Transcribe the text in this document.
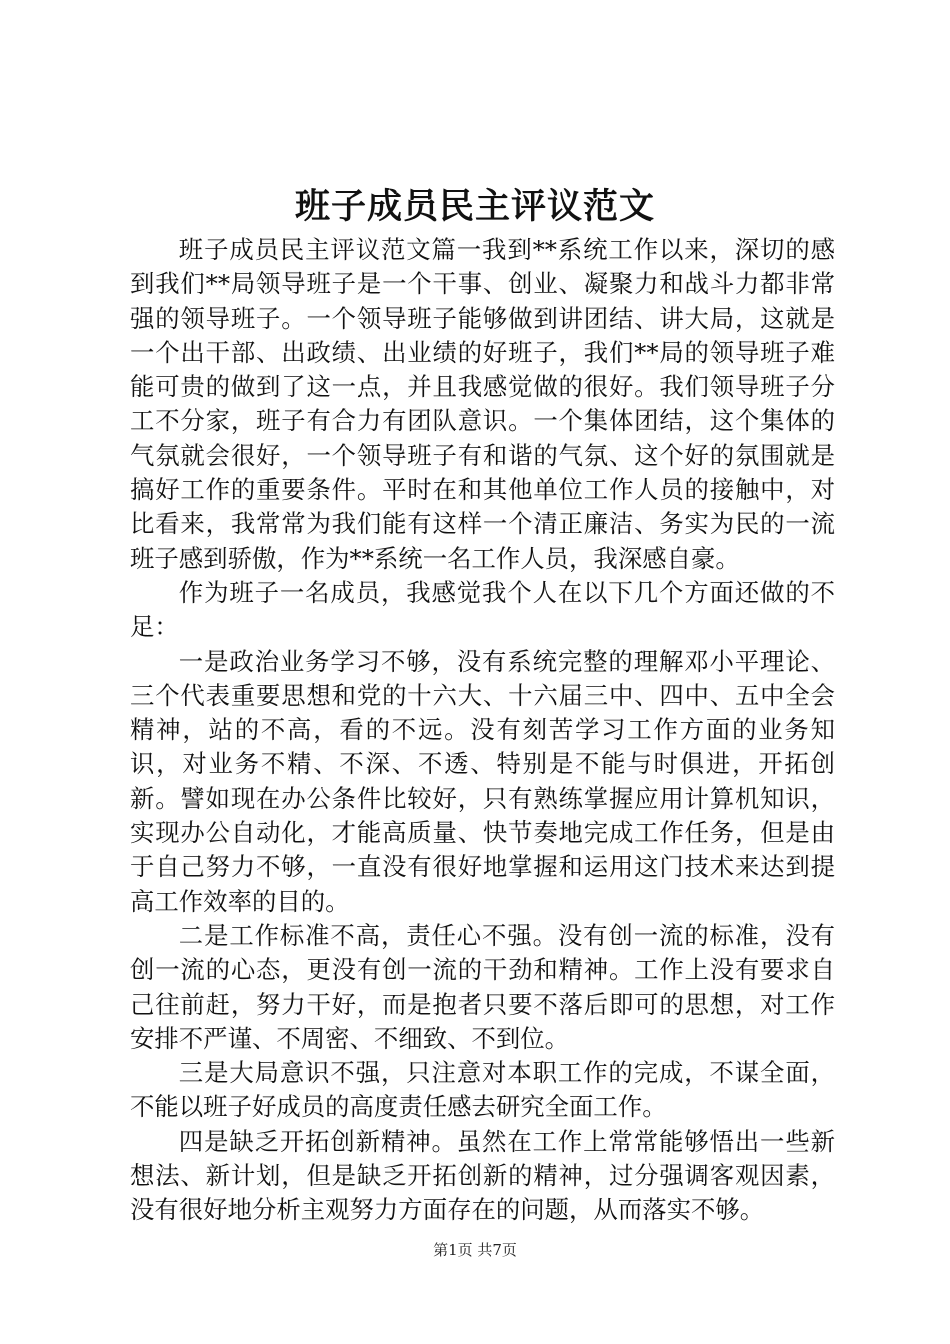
班子成员民主评议范文

班子成员民主评议范文篇一我到**系统工作以来，深切的感到我们**局领导班子是一个干事、创业、凝聚力和战斗力都非常强的领导班子。一个领导班子能够做到讲团结、讲大局，这就是一个出干部、出政绩、出业绩的好班子，我们**局的领导班子难能可贵的做到了这一点，并且我感觉做的很好。我们领导班子分工不分家，班子有合力有团队意识。一个集体团结，这个集体的气氛就会很好，一个领导班子有和谐的气氛、这个好的氛围就是搞好工作的重要条件。平时在和其他单位工作人员的接触中，对比看来，我常常为我们能有这样一个清正廉洁、务实为民的一流班子感到骄傲，作为**系统一名工作人员，我深感自豪。

作为班子一名成员，我感觉我个人在以下几个方面还做的不足：

一是政治业务学习不够，没有系统完整的理解邓小平理论、三个代表重要思想和党的十六大、十六届三中、四中、五中全会精神，站的不高，看的不远。没有刻苦学习工作方面的业务知识，对业务不精、不深、不透、特别是不能与时俱进，开拓创新。譬如现在办公条件比较好，只有熟练掌握应用计算机知识，实现办公自动化，才能高质量、快节奏地完成工作任务，但是由于自己努力不够，一直没有很好地掌握和运用这门技术来达到提高工作效率的目的。

二是工作标准不高，责任心不强。没有创一流的标准，没有创一流的心态，更没有创一流的干劲和精神。工作上没有要求自己往前赶，努力干好，而是抱者只要不落后即可的思想，对工作安排不严谨、不周密、不细致、不到位。

三是大局意识不强，只注意对本职工作的完成，不谋全面，不能以班子好成员的高度责任感去研究全面工作。

四是缺乏开拓创新精神。虽然在工作上常常能够悟出一些新想法、新计划，但是缺乏开拓创新的精神，过分强调客观因素，没有很好地分析主观努力方面存在的问题，从而落实不够。

第1页 共7页
